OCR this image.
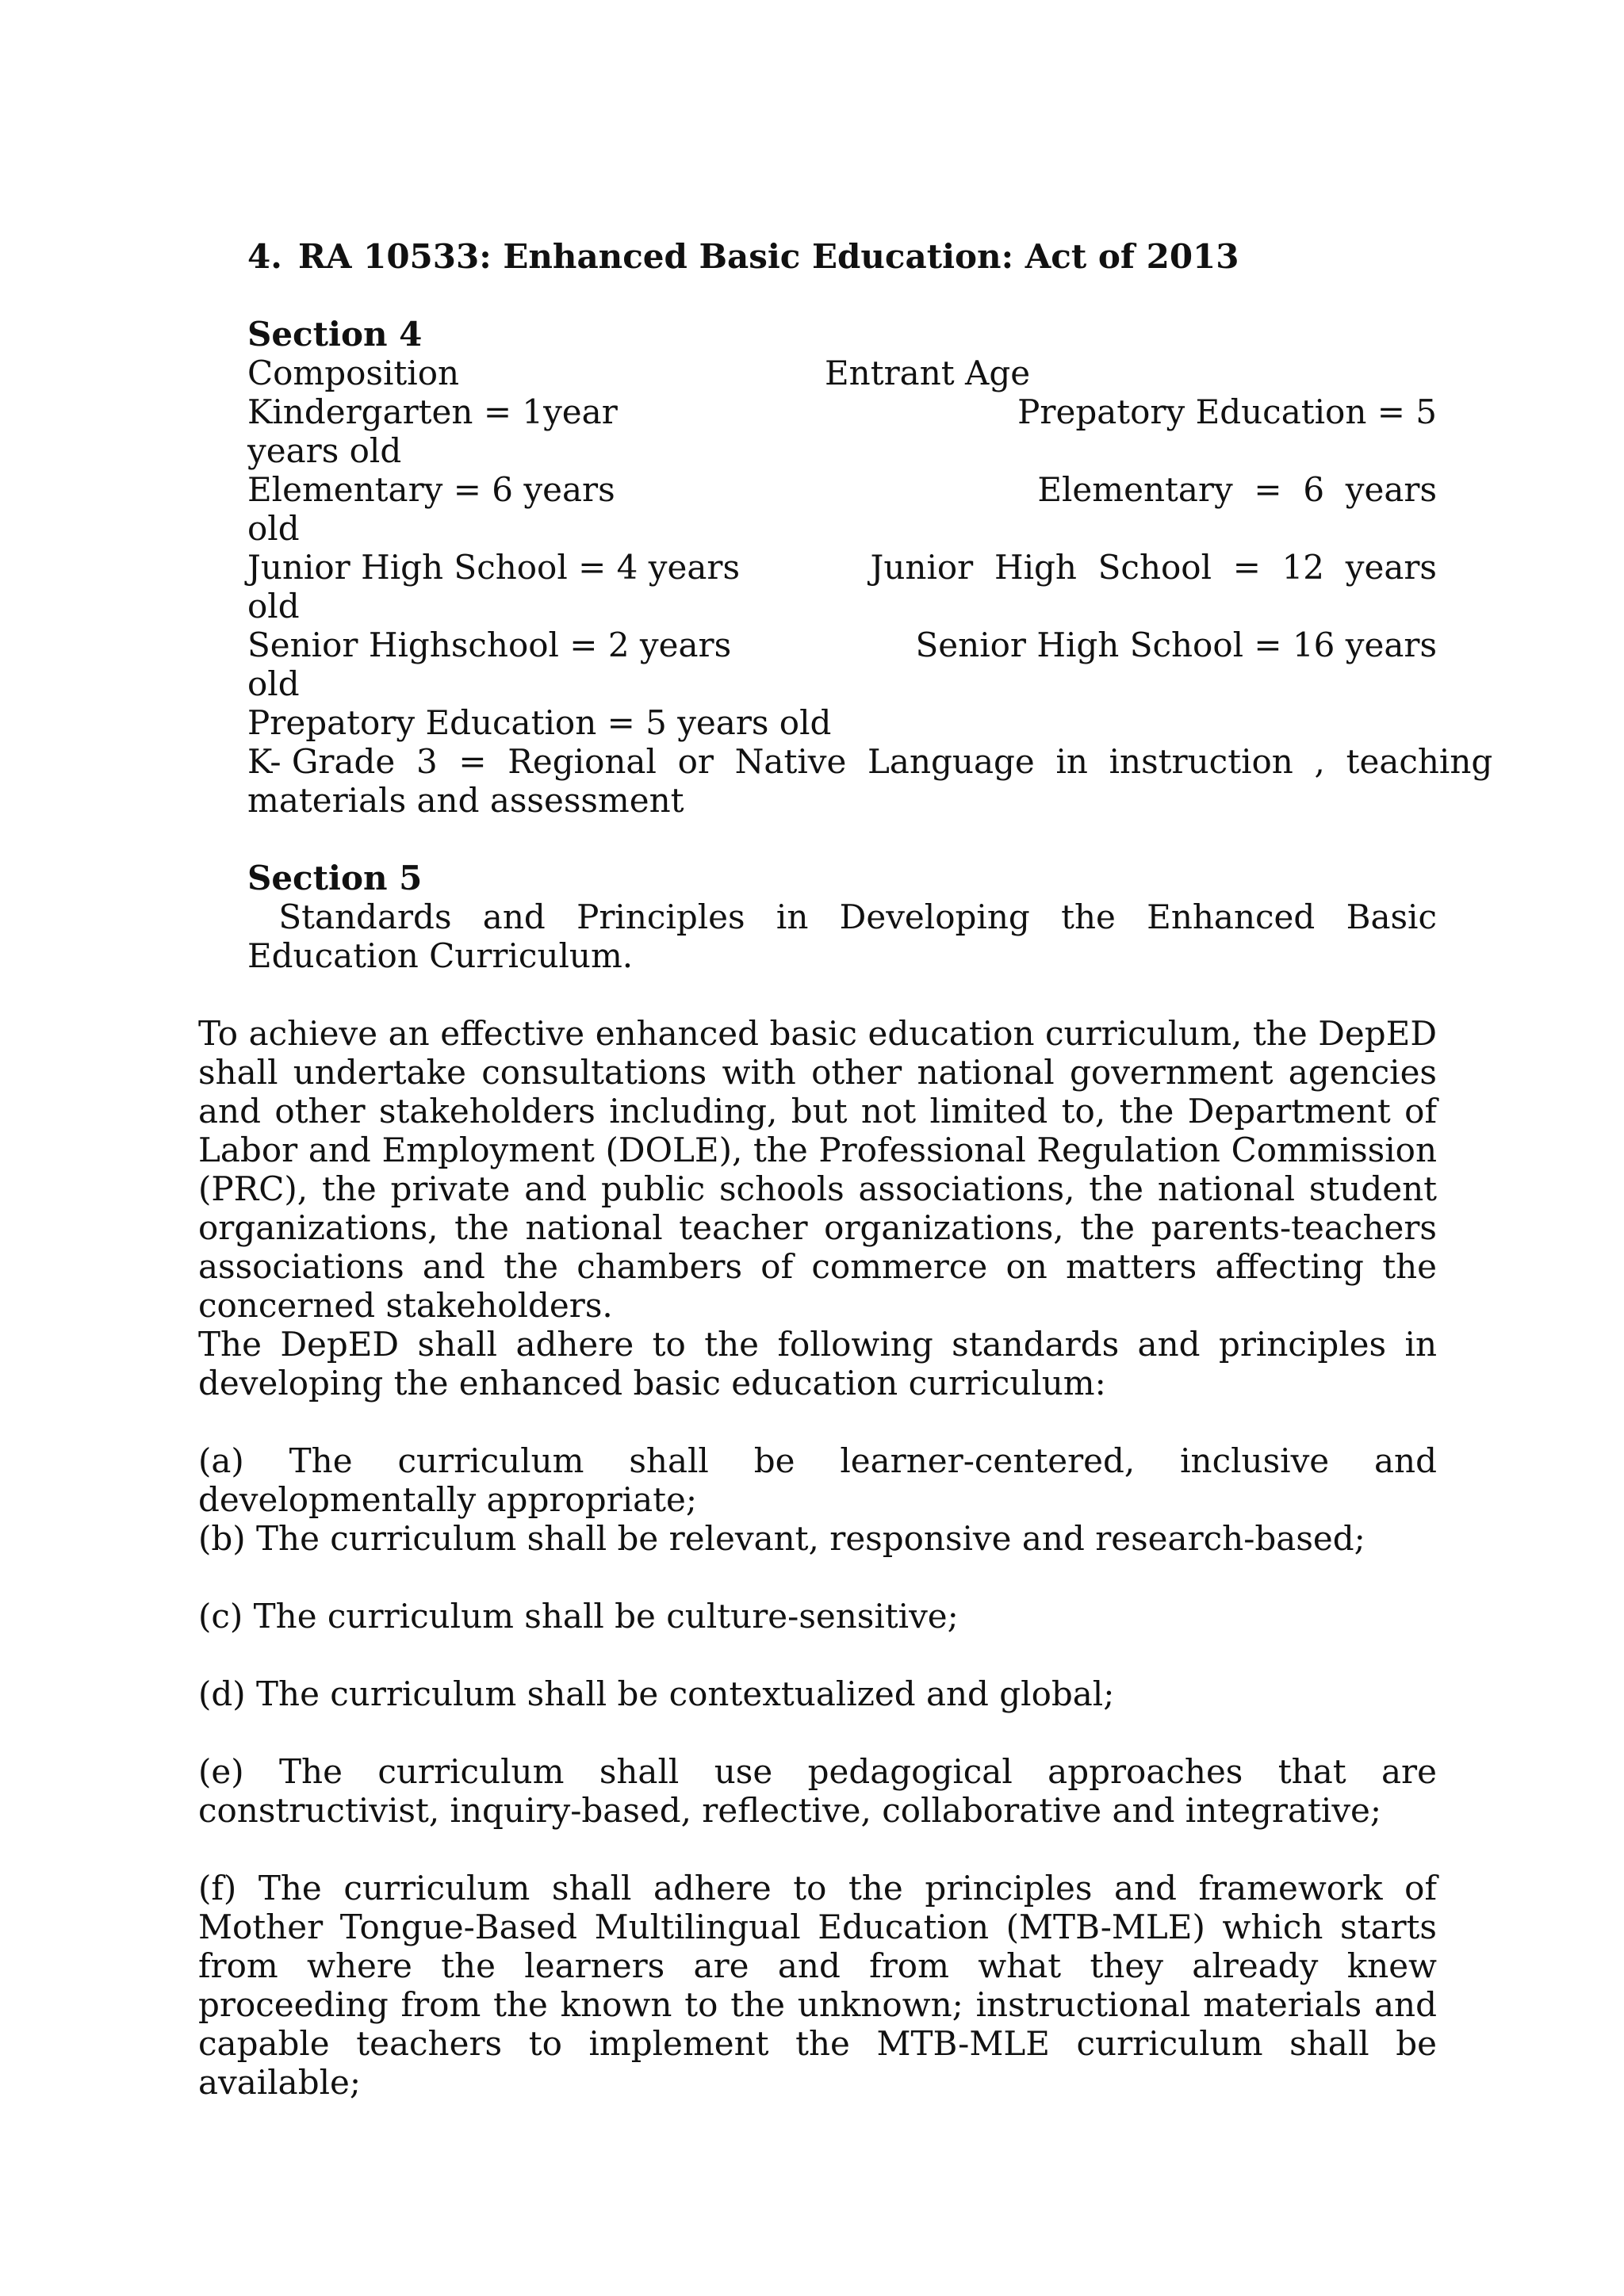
4. RA 10533: Enhanced Basic Education: Act of 2013
Section 4
Composition	Entrant Age
Kindergarten = 1year	Prepatory Education = 5
years old
Elementary = 6 years	Elementary  =  6  years
old
Junior High School = 4 years	Junior  High  School  =  12  years
old
Senior Highschool = 2 years	Senior High School = 16 years
old
Prepatory Education = 5 years old
K- Grade  3  =  Regional  or  Native  Language  in  instruction  ,  teaching
materials and assessment
Section 5

Standards and Principles in Developing the Enhanced Basic Education Curriculum.

To achieve an effective enhanced basic education curriculum, the DepED shall undertake consultations with other national government agencies and other stakeholders including, but not limited to, the Department of Labor and Employment (DOLE), the Professional Regulation Commission (PRC), the private and public schools associations, the national student organizations, the national teacher organizations, the parents-teachers associations and the chambers of commerce on matters affecting the concerned stakeholders.

The DepED shall adhere to the following standards and principles in developing the enhanced basic education curriculum:

(a) The curriculum shall be learner-centered, inclusive and developmentally appropriate;

(b) The curriculum shall be relevant, responsive and research-based;

(c) The curriculum shall be culture-sensitive;

(d) The curriculum shall be contextualized and global;

(e) The curriculum shall use pedagogical approaches that are constructivist, inquiry-based, reflective, collaborative and integrative;

(f) The curriculum shall adhere to the principles and framework of Mother Tongue-Based Multilingual Education (MTB-MLE) which starts from where the learners are and from what they already knew proceeding from the known to the unknown; instructional materials and capable teachers to implement the MTB-MLE curriculum shall be available;
